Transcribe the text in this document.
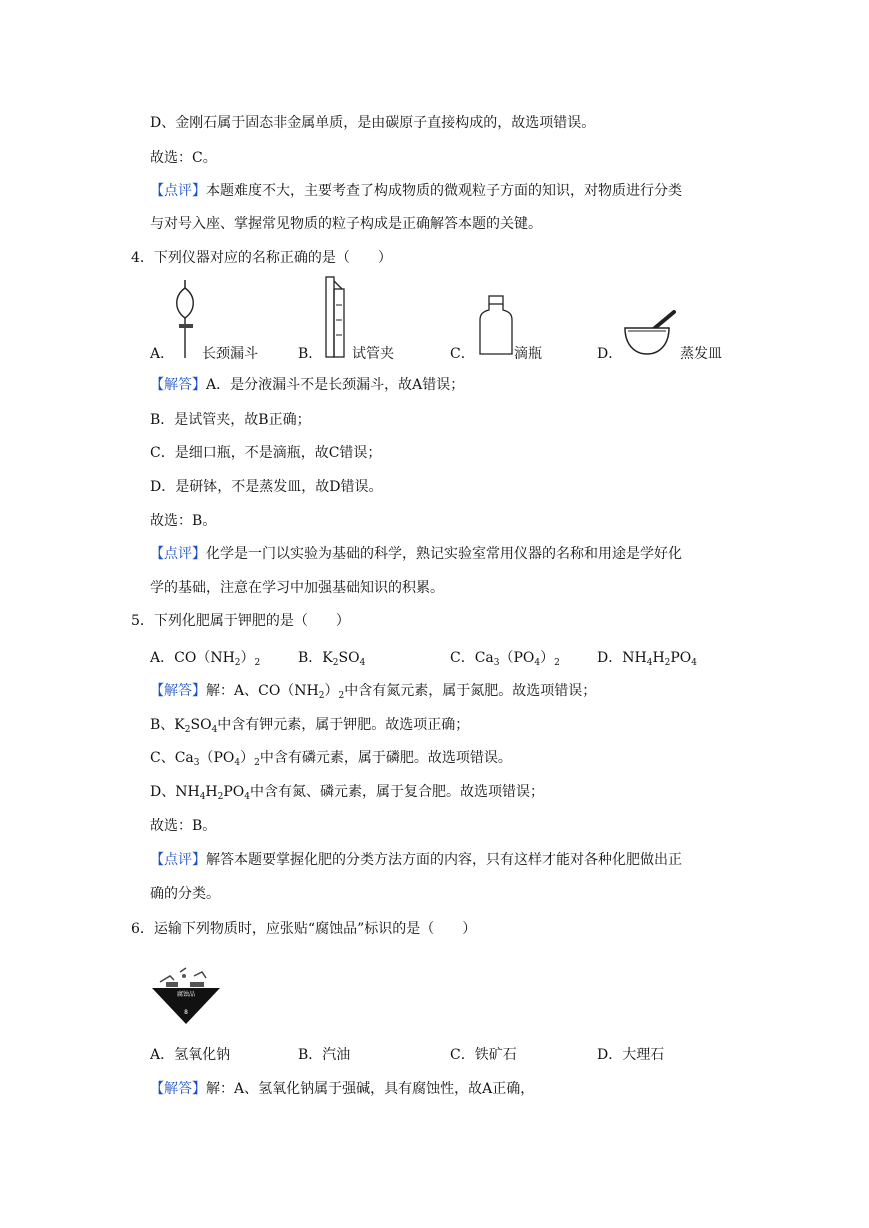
D、金刚石属于固态非金属单质，是由碳原子直接构成的，故选项错误。
故选：C。
【点评】本题难度不大，主要考查了构成物质的微观粒子方面的知识，对物质进行分类
与对号入座、掌握常见物质的粒子构成是正确解答本题的关键。
4．下列仪器对应的名称正确的是（　　）
A． 长颈漏斗	B． 试管夹	C．	滴瓶	D．	蒸发皿
【解答】A．是分液漏斗不是长颈漏斗，故A错误；
B．是试管夹，故B正确；
C．是细口瓶，不是滴瓶，故C错误；
D．是研钵，不是蒸发皿，故D错误。
故选：B。
【点评】化学是一门以实验为基础的科学，熟记实验室常用仪器的名称和用途是学好化
学的基础，注意在学习中加强基础知识的积累。
5．下列化肥属于钾肥的是（　　）
A．$CO(NH_2)_2$	B．$K_2SO_4$	C．$Ca_3(PO_4)_2$	D．$NH_4H_2PO_4$
【解答】解：A、$CO(NH_2)_2$中含有氮元素，属于氮肥。故选项错误；
B、$K_2SO_4$中含有钾元素，属于钾肥。故选项正确；
C、$Ca_3(PO_4)_2$中含有磷元素，属于磷肥。故选项错误。
D、$NH_4H_2PO_4$中含有氮、磷元素，属于复合肥。故选项错误；
故选：B。
【点评】解答本题要掌握化肥的分类方法方面的内容，只有这样才能对各种化肥做出正
确的分类。
6．运输下列物质时，应张贴“腐蚀品”标识的是（　　）
腐蚀品
8
A．氢氧化钠	B．汽油	C．铁矿石	D．大理石
【解答】解：A、氢氧化钠属于强碱，具有腐蚀性，故A正确，
